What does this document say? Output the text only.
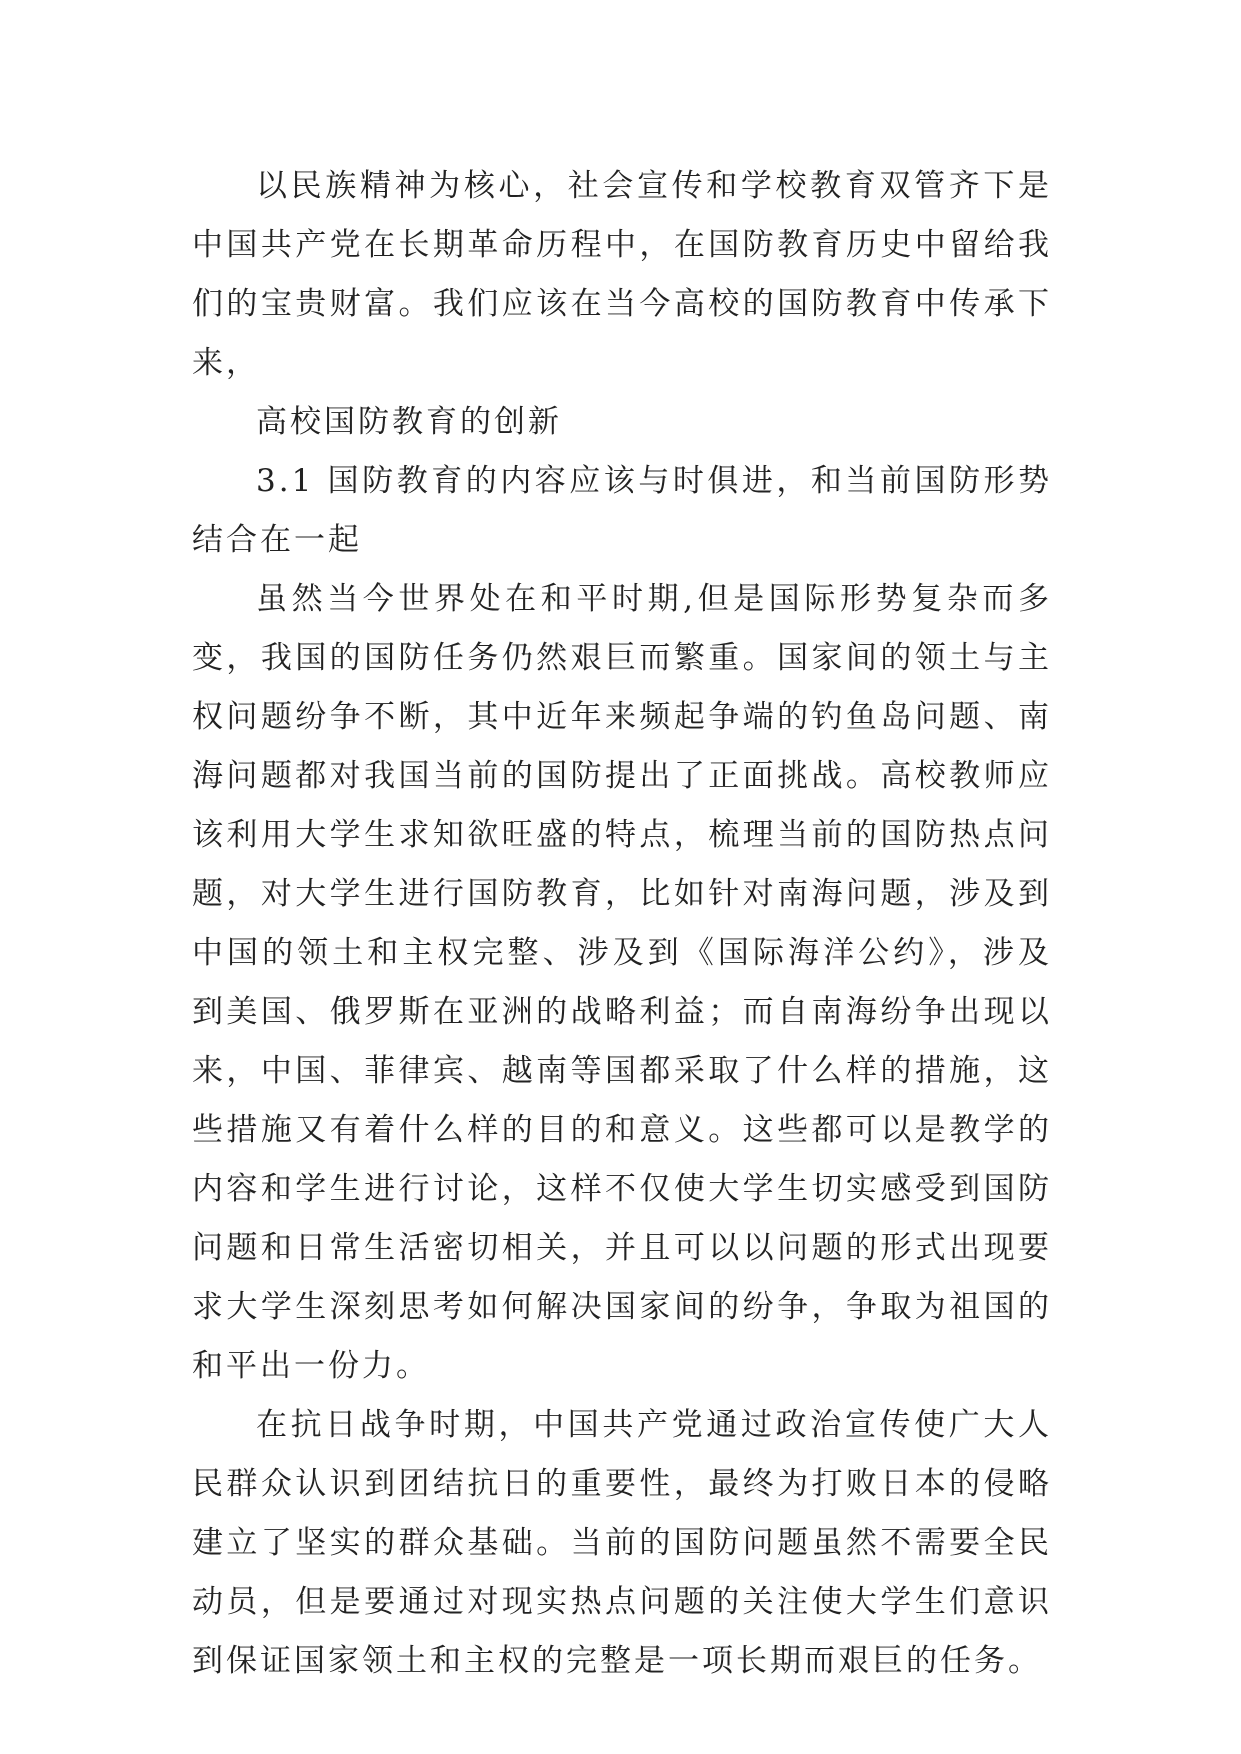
以民族精神为核心，社会宣传和学校教育双管齐下是中国共产党在长期革命历程中，在国防教育历史中留给我们的宝贵财富。我们应该在当今高校的国防教育中传承下来，

高校国防教育的创新

3.1 国防教育的内容应该与时俱进，和当前国防形势结合在一起

虽然当今世界处在和平时期,但是国际形势复杂而多变，我国的国防任务仍然艰巨而繁重。国家间的领土与主权问题纷争不断，其中近年来频起争端的钓鱼岛问题、南海问题都对我国当前的国防提出了正面挑战。高校教师应该利用大学生求知欲旺盛的特点，梳理当前的国防热点问题，对大学生进行国防教育，比如针对南海问题，涉及到中国的领土和主权完整、涉及到《国际海洋公约》，涉及到美国、俄罗斯在亚洲的战略利益；而自南海纷争出现以来，中国、菲律宾、越南等国都采取了什么样的措施，这些措施又有着什么样的目的和意义。这些都可以是教学的内容和学生进行讨论，这样不仅使大学生切实感受到国防问题和日常生活密切相关，并且可以以问题的形式出现要求大学生深刻思考如何解决国家间的纷争，争取为祖国的和平出一份力。

在抗日战争时期，中国共产党通过政治宣传使广大人民群众认识到团结抗日的重要性，最终为打败日本的侵略建立了坚实的群众基础。当前的国防问题虽然不需要全民动员，但是要通过对现实热点问题的关注使大学生们意识到保证国家领土和主权的完整是一项长期而艰巨的任务。
